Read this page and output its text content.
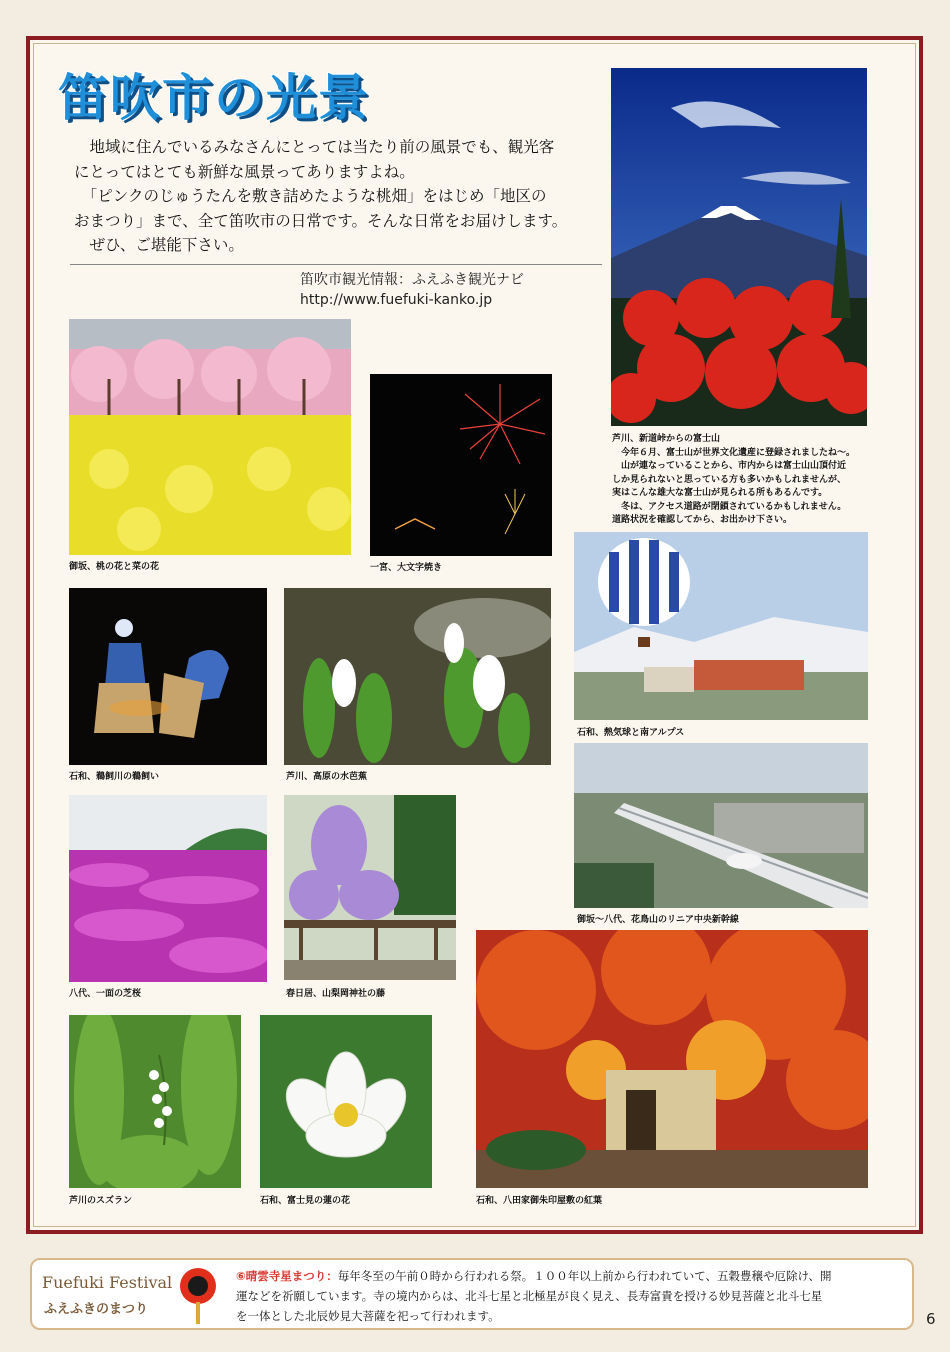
笛吹市の光景

　地域に住んでいるみなさんにとっては当たり前の風景でも、観光客

にとってはとても新鮮な風景ってありますよね。

　「ピンクのじゅうたんを敷き詰めたような桃畑」をはじめ「地区の

おまつり」まで、全て笛吹市の日常です。そんな日常をお届けします。

　ぜひ、ご堪能下さい。

笛吹市観光情報：ふえふき観光ナビ
http://www.fuefuki-kanko.jp

芦川、新道峠からの富士山

　今年６月、富士山が世界文化遺産に登録されましたね〜。

　山が連なっていることから、市内からは富士山山頂付近

しか見られないと思っている方も多いかもしれませんが、

実はこんな雄大な富士山が見られる所もあるんです。

　冬は、アクセス道路が閉鎖されているかもしれません。

道路状況を確認してから、お出かけ下さい。

御坂、桃の花と菜の花	一宮、大文字焼き
石和、熱気球と南アルプス
石和、鵜飼川の鵜飼い	芦川、高原の水芭蕉
御坂〜八代、花鳥山のリニア中央新幹線
八代、一面の芝桜	春日居、山梨岡神社の藤
石和、八田家御朱印屋敷の紅葉
芦川のスズラン	石和、富士見の蓮の花
Fuefuki Festival
ふえふきのまつり

⑥晴雲寺星まつり：毎年冬至の午前０時から行われる祭。１００年以上前から行われていて、五穀豊穣や厄除け、開

運などを祈願しています。寺の境内からは、北斗七星と北極星が良く見え、長寿富貴を授ける妙見菩薩と北斗七星

を一体とした北辰妙見大菩薩を祀って行われます。	6
